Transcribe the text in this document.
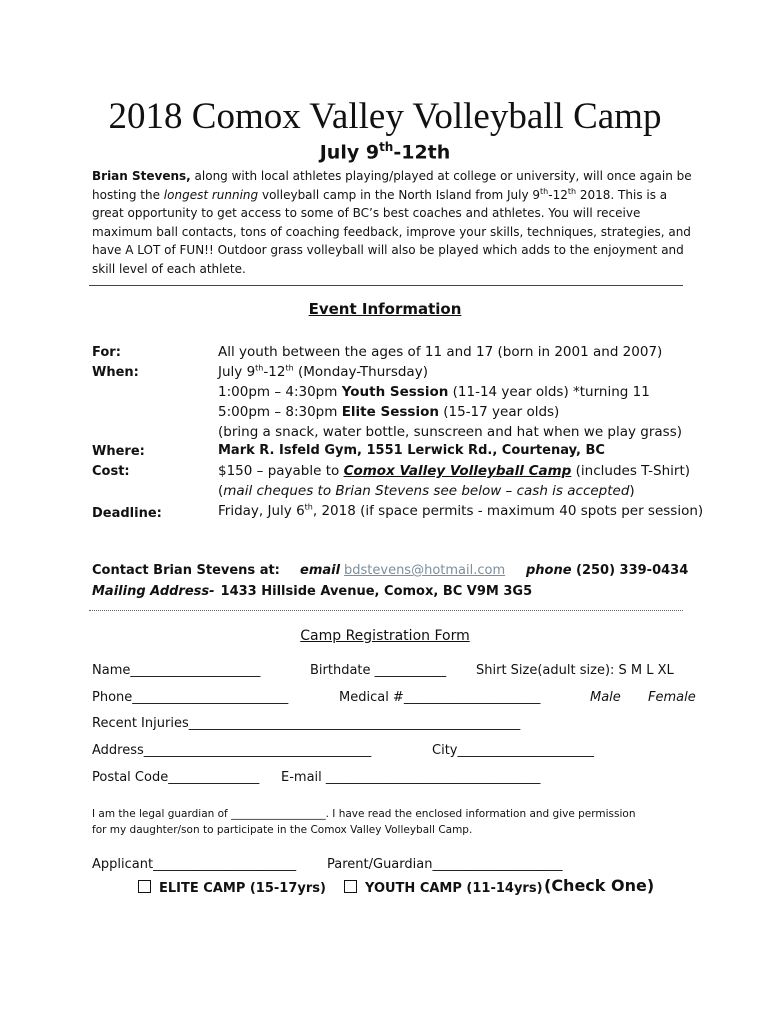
2018 Comox Valley Volleyball Camp
July 9th-12th
Brian Stevens, along with local athletes playing/played at college or university, will once again be hosting the longest running volleyball camp in the North Island from July 9th-12th 2018. This is a great opportunity to get access to some of BC’s best coaches and athletes. You will receive maximum ball contacts, tons of coaching feedback, improve your skills, techniques, strategies, and have A LOT of FUN!! Outdoor grass volleyball will also be played which adds to the enjoyment and skill level of each athlete.
Event Information
For:	All youth between the ages of 11 and 17 (born in 2001 and 2007)
When:	July 9th-12th (Monday-Thursday)
1:00pm – 4:30pm Youth Session (11-14 year olds) *turning 11
5:00pm – 8:30pm Elite Session (15-17 year olds)
(bring a snack, water bottle, sunscreen and hat when we play grass)
Where:	Mark R. Isfeld Gym, 1551 Lerwick Rd., Courtenay, BC
Cost:	$150 – payable to Comox Valley Volleyball Camp (includes T-Shirt)
(mail cheques to Brian Stevens see below – cash is accepted)
Deadline:	Friday, July 6th, 2018 (if space permits - maximum 40 spots per session)
Contact Brian Stevens at: email bdstevens@hotmail.com phone (250) 339-0434
Mailing Address- 1433 Hillside Avenue, Comox, BC V9M 3G5
Camp Registration Form
Name____________________	Birthdate ___________ Shirt Size(adult size): S M L XL
Phone________________________	Medical #_____________________	Male Female
Recent Injuries___________________________________________________
Address___________________________________	City_____________________
Postal Code______________ E-mail _________________________________
I am the legal guardian of __________________. I have read the enclosed information and give permission
for my daughter/son to participate in the Comox Valley Volleyball Camp.
Applicant______________________ Parent/Guardian____________________
ELITE CAMP (15-17yrs)	YOUTH CAMP (11-14yrs) (Check One)
